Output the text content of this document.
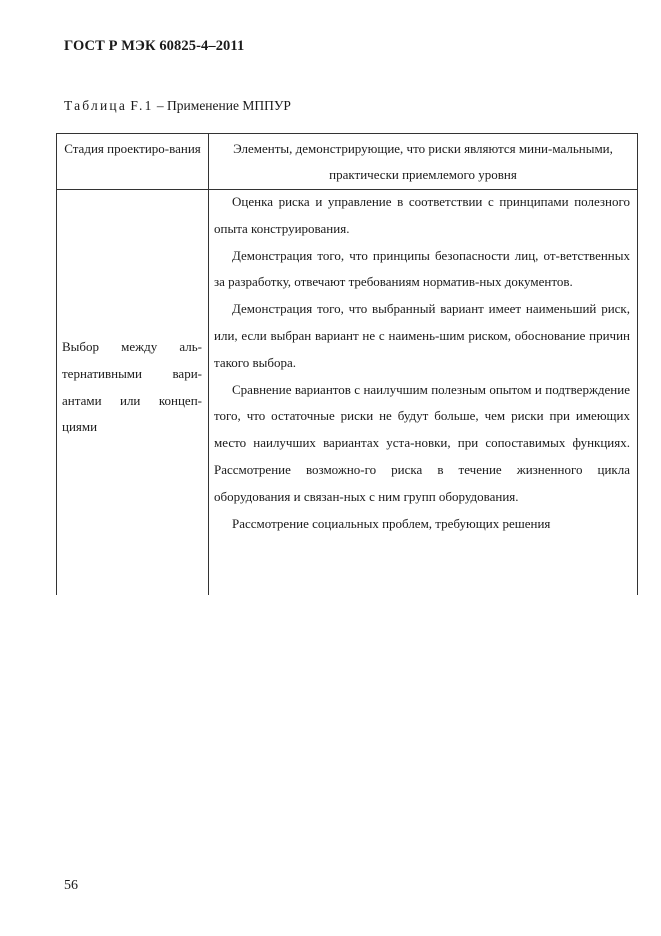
ГОСТ Р МЭК 60825-4–2011
Таблица F.1 – Применение МППУР
Стадия проектиро-вания	Элементы, демонстрирующие, что риски являются мини-мальными, практически приемлемого уровня
Выбор между аль-тернативными вари-антами или концеп-циями

Оценка риска и управление в соответствии с принципами полезного опыта конструирования.

Демонстрация того, что принципы безопасности лиц, от-ветственных за разработку, отвечают требованиям норматив-ных документов.

Демонстрация того, что выбранный вариант имеет наименьший риск, или, если выбран вариант не с наимень-шим риском, обоснование причин такого выбора.

Сравнение вариантов с наилучшим полезным опытом и подтверждение того, что остаточные риски не будут больше, чем риски при имеющих место наилучших вариантах уста-новки, при сопоставимых функциях. Рассмотрение возможно-го риска в течение жизненного цикла оборудования и связан-ных с ним групп оборудования.

Рассмотрение социальных проблем, требующих решения

56
